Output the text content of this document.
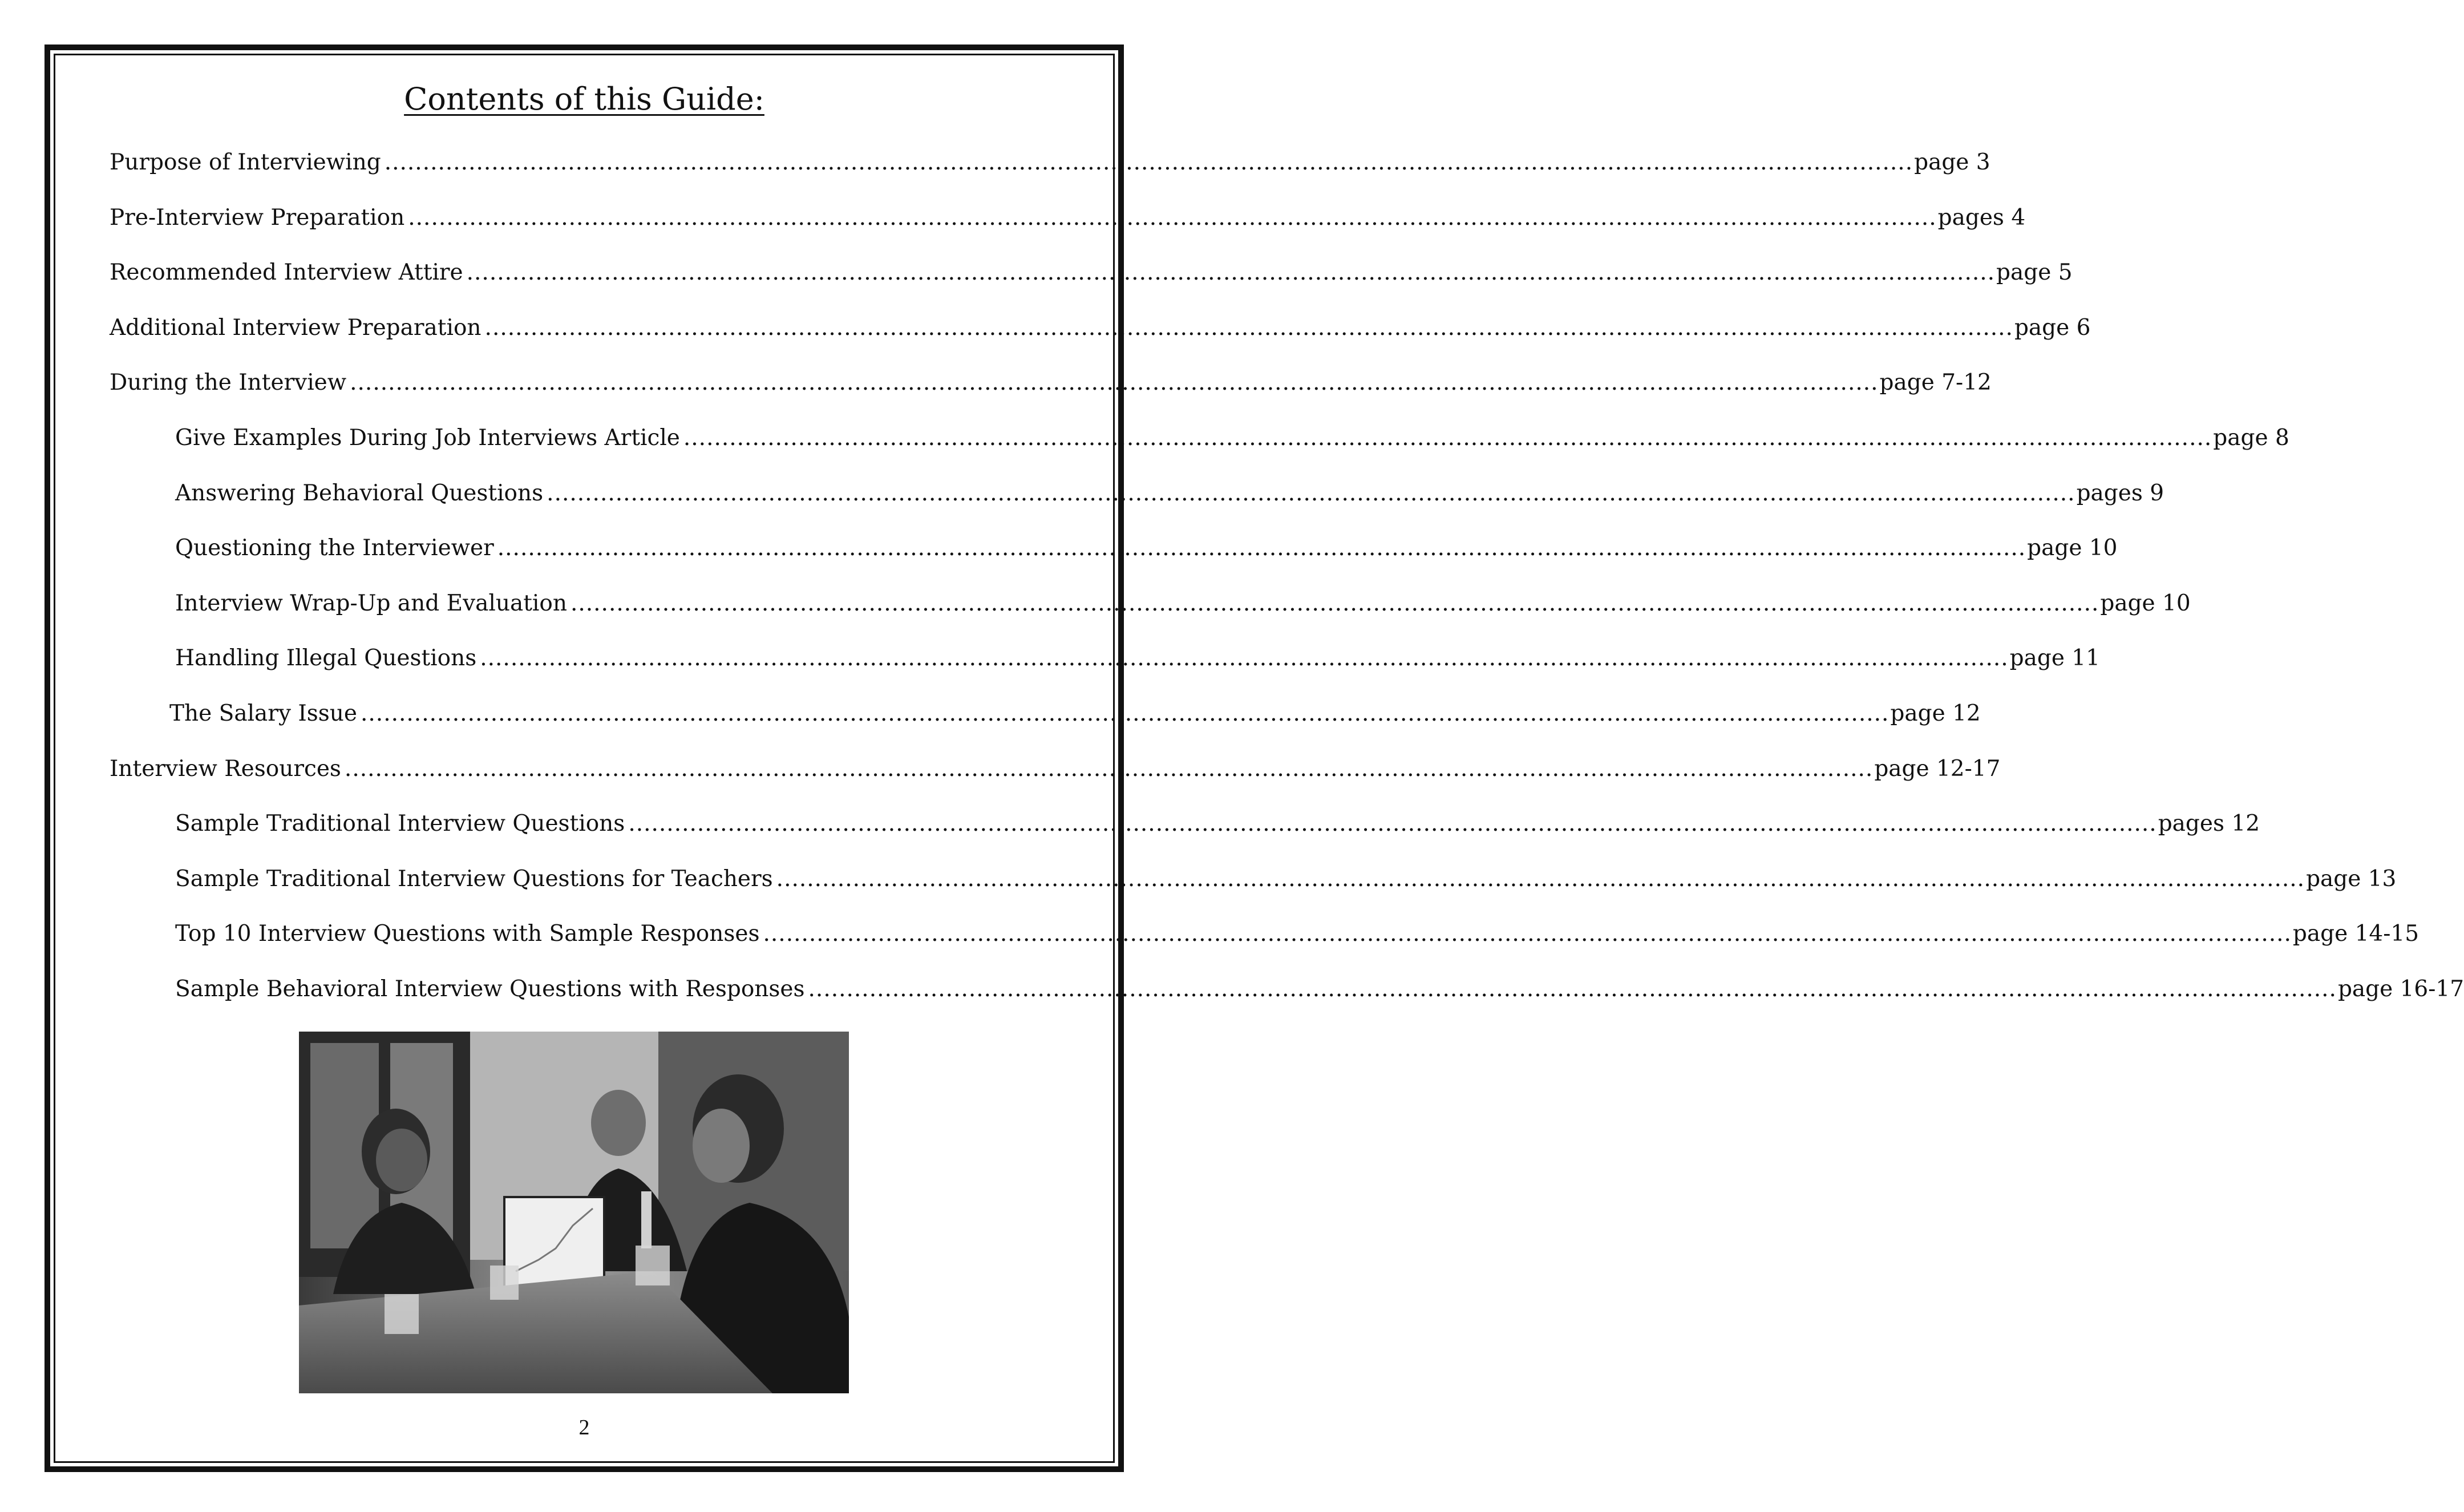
Contents of this Guide:
Purpose of Interviewing ........................................................................................................................................................................................................ page 3
Pre-Interview Preparation ........................................................................................................................................................................................................ pages 4
Recommended Interview Attire ........................................................................................................................................................................................................ page 5
Additional Interview Preparation ........................................................................................................................................................................................................ page 6
During the Interview ........................................................................................................................................................................................................ page 7-12
Give Examples During Job Interviews Article ........................................................................................................................................................................................................ page 8
Answering Behavioral Questions ........................................................................................................................................................................................................ pages 9
Questioning the Interviewer ........................................................................................................................................................................................................ page 10
Interview Wrap-Up and Evaluation ........................................................................................................................................................................................................ page 10
Handling Illegal Questions ........................................................................................................................................................................................................ page 11
The Salary Issue ........................................................................................................................................................................................................ page 12
Interview Resources ........................................................................................................................................................................................................ page 12-17
Sample Traditional Interview Questions ........................................................................................................................................................................................................ pages 12
Sample Traditional Interview Questions for Teachers ........................................................................................................................................................................................................ page 13
Top 10 Interview Questions with Sample Responses ........................................................................................................................................................................................................ page 14-15
Sample Behavioral Interview Questions with Responses ........................................................................................................................................................................................................ page 16-17
2
